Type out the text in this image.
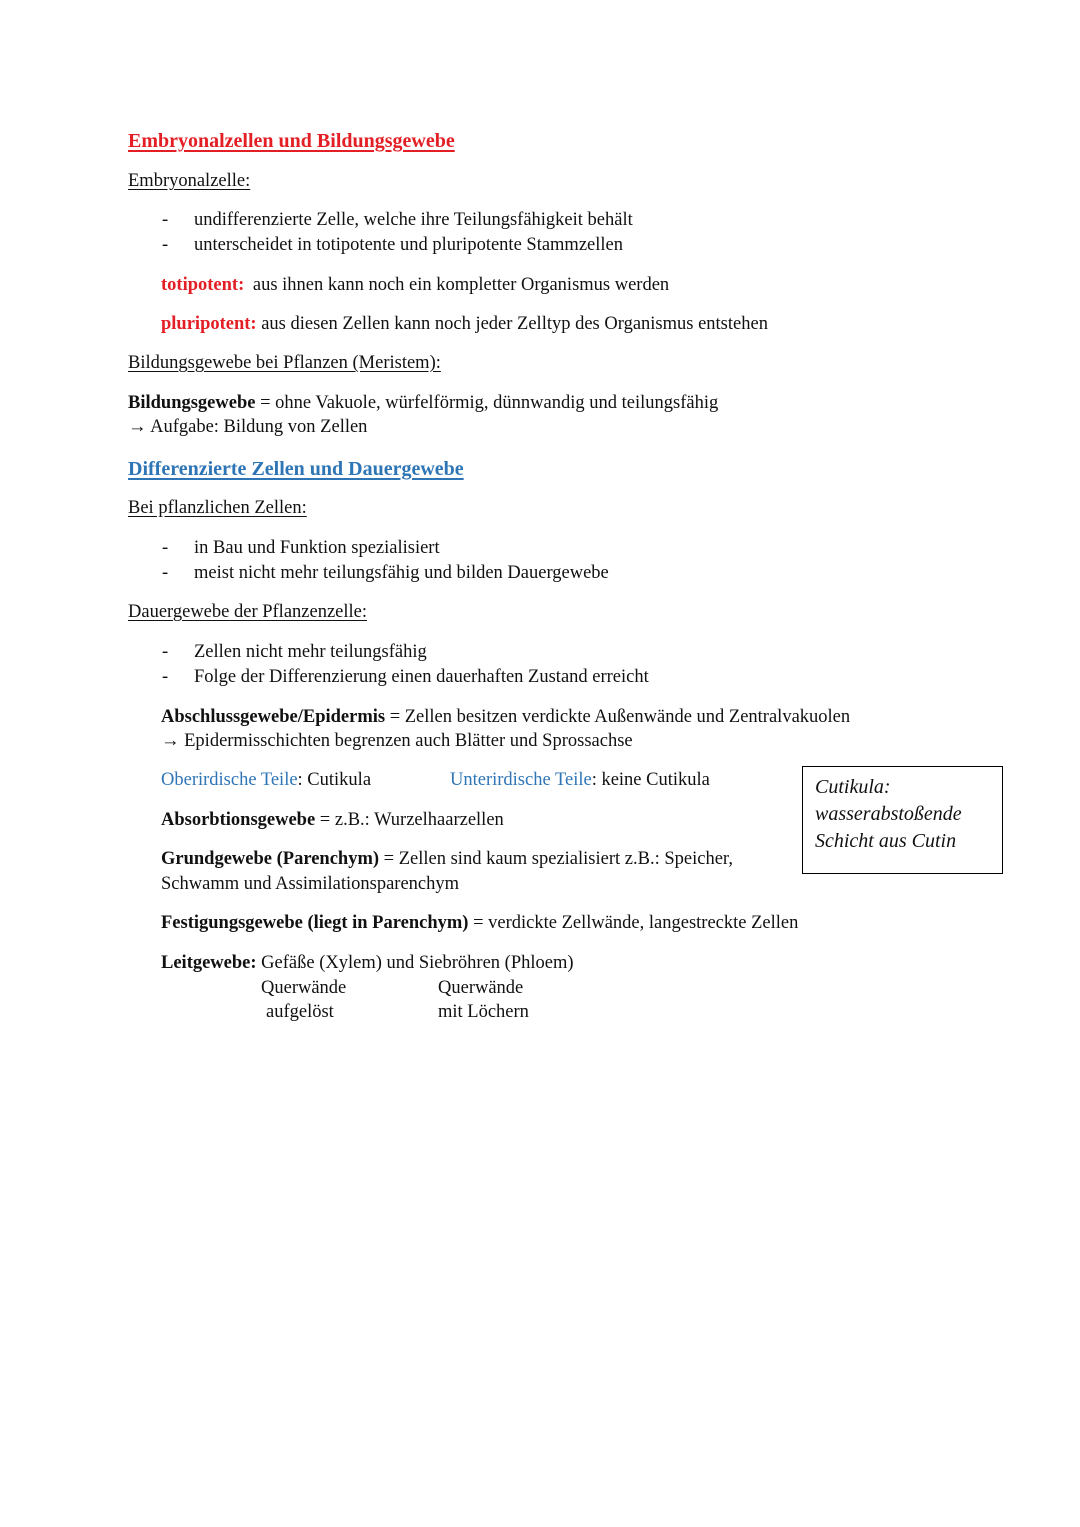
Embryonalzellen und Bildungsgewebe
Embryonalzelle:
- undifferenzierte Zelle, welche ihre Teilungsfähigkeit behält
- unterscheidet in totipotente und pluripotente Stammzellen
totipotent: aus ihnen kann noch ein kompletter Organismus werden
pluripotent: aus diesen Zellen kann noch jeder Zelltyp des Organismus entstehen
Bildungsgewebe bei Pflanzen (Meristem):
Bildungsgewebe = ohne Vakuole, würfelförmig, dünnwandig und teilungsfähig
→ Aufgabe: Bildung von Zellen
Differenzierte Zellen und Dauergewebe
Bei pflanzlichen Zellen:
- in Bau und Funktion spezialisiert
- meist nicht mehr teilungsfähig und bilden Dauergewebe
Dauergewebe der Pflanzenzelle:
- Zellen nicht mehr teilungsfähig
- Folge der Differenzierung einen dauerhaften Zustand erreicht
Abschlussgewebe/Epidermis = Zellen besitzen verdickte Außenwände und Zentralvakuolen
→ Epidermisschichten begrenzen auch Blätter und Sprossachse
Oberirdische Teile: Cutikula	Unterirdische Teile: keine Cutikula
Absorbtionsgewebe = z.B.: Wurzelhaarzellen
Grundgewebe (Parenchym) = Zellen sind kaum spezialisiert z.B.: Speicher,
Schwamm und Assimilationsparenchym
Festigungsgewebe (liegt in Parenchym) = verdickte Zellwände, langestreckte Zellen
Leitgewebe: Gefäße (Xylem) und Siebröhren (Phloem)
Querwände
aufgelöst
Querwände
mit Löchern
Cutikula:
wasserabstoßende
Schicht aus Cutin
